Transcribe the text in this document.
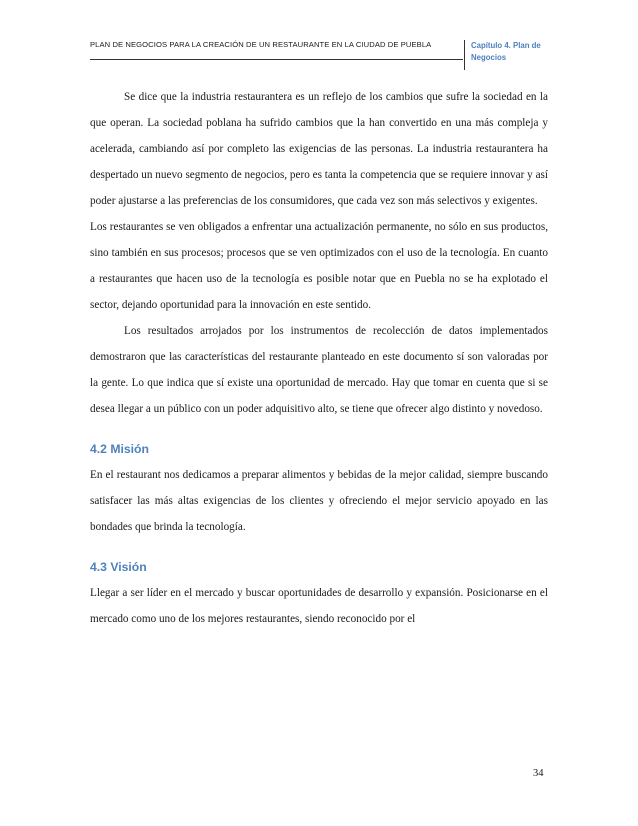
PLAN DE NEGOCIOS PARA LA CREACIÓN DE UN RESTAURANTE EN LA CIUDAD DE PUEBLA	Capítulo 4. Plan de
Negocios

Se dice que la industria restaurantera es un reflejo de los cambios que sufre la sociedad en la que operan. La sociedad poblana ha sufrido cambios que la han convertido en una más compleja y acelerada, cambiando así por completo las exigencias de las personas. La industria restaurantera ha despertado un nuevo segmento de negocios, pero es tanta la competencia que se requiere innovar y así poder ajustarse a las preferencias de los consumidores, que cada vez son más selectivos y exigentes.

Los restaurantes se ven obligados a enfrentar una actualización permanente, no sólo en sus productos, sino también en sus procesos; procesos que se ven optimizados con el uso de la tecnología. En cuanto a restaurantes que hacen uso de la tecnología es posible notar que en Puebla no se ha explotado el sector, dejando oportunidad para la innovación en este sentido.

Los resultados arrojados por los instrumentos de recolección de datos implementados demostraron que las características del restaurante planteado en este documento sí son valoradas por la gente. Lo que indica que sí existe una oportunidad de mercado. Hay que tomar en cuenta que si se desea llegar a un público con un poder adquisitivo alto, se tiene que ofrecer algo distinto y novedoso.

4.2 Misión

En el restaurant nos dedicamos a preparar alimentos y bebidas de la mejor calidad, siempre buscando satisfacer las más altas exigencias de los clientes y ofreciendo el mejor servicio apoyado en las bondades que brinda la tecnología.

4.3 Visión

Llegar a ser líder en el mercado y buscar oportunidades de desarrollo y expansión. Posicionarse en el mercado como uno de los mejores restaurantes, siendo reconocido por el

34
